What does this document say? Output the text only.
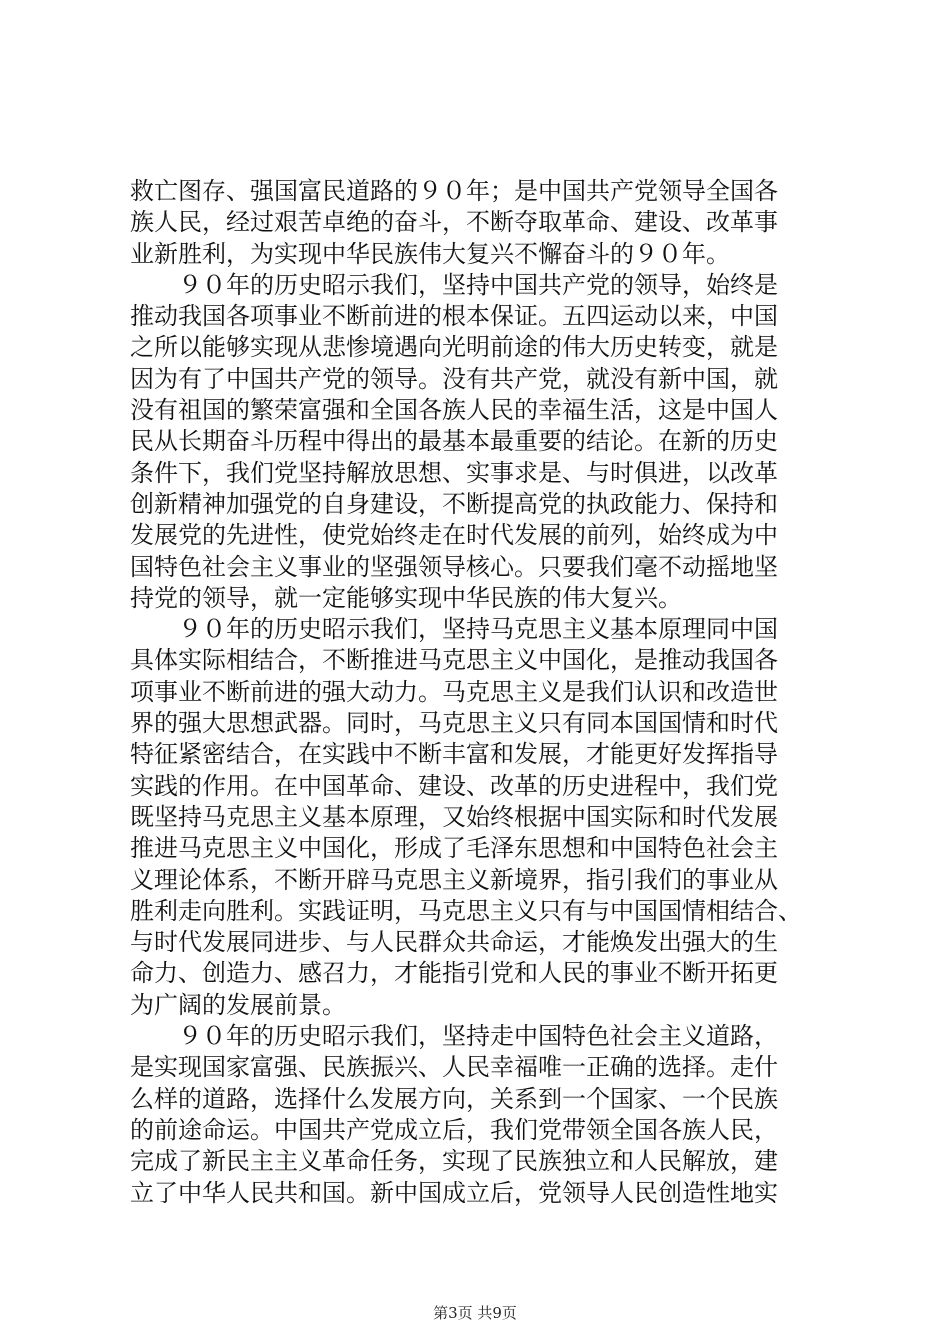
救亡图存、强国富民道路的９０年；是中国共产党领导全国各
族人民，经过艰苦卓绝的奋斗，不断夺取革命、建设、改革事
业新胜利，为实现中华民族伟大复兴不懈奋斗的９０年。
　　９０年的历史昭示我们，坚持中国共产党的领导，始终是
推动我国各项事业不断前进的根本保证。五四运动以来，中国
之所以能够实现从悲惨境遇向光明前途的伟大历史转变，就是
因为有了中国共产党的领导。没有共产党，就没有新中国，就
没有祖国的繁荣富强和全国各族人民的幸福生活，这是中国人
民从长期奋斗历程中得出的最基本最重要的结论。在新的历史
条件下，我们党坚持解放思想、实事求是、与时俱进，以改革
创新精神加强党的自身建设，不断提高党的执政能力、保持和
发展党的先进性，使党始终走在时代发展的前列，始终成为中
国特色社会主义事业的坚强领导核心。只要我们毫不动摇地坚
持党的领导，就一定能够实现中华民族的伟大复兴。
　　９０年的历史昭示我们，坚持马克思主义基本原理同中国
具体实际相结合，不断推进马克思主义中国化，是推动我国各
项事业不断前进的强大动力。马克思主义是我们认识和改造世
界的强大思想武器。同时，马克思主义只有同本国国情和时代
特征紧密结合，在实践中不断丰富和发展，才能更好发挥指导
实践的作用。在中国革命、建设、改革的历史进程中，我们党
既坚持马克思主义基本原理，又始终根据中国实际和时代发展
推进马克思主义中国化，形成了毛泽东思想和中国特色社会主
义理论体系，不断开辟马克思主义新境界，指引我们的事业从
胜利走向胜利。实践证明，马克思主义只有与中国国情相结合、
与时代发展同进步、与人民群众共命运，才能焕发出强大的生
命力、创造力、感召力，才能指引党和人民的事业不断开拓更
为广阔的发展前景。
　　９０年的历史昭示我们，坚持走中国特色社会主义道路，
是实现国家富强、民族振兴、人民幸福唯一正确的选择。走什
么样的道路，选择什么发展方向，关系到一个国家、一个民族
的前途命运。中国共产党成立后，我们党带领全国各族人民，
完成了新民主主义革命任务，实现了民族独立和人民解放，建
立了中华人民共和国。新中国成立后，党领导人民创造性地实
第3页 共9页
